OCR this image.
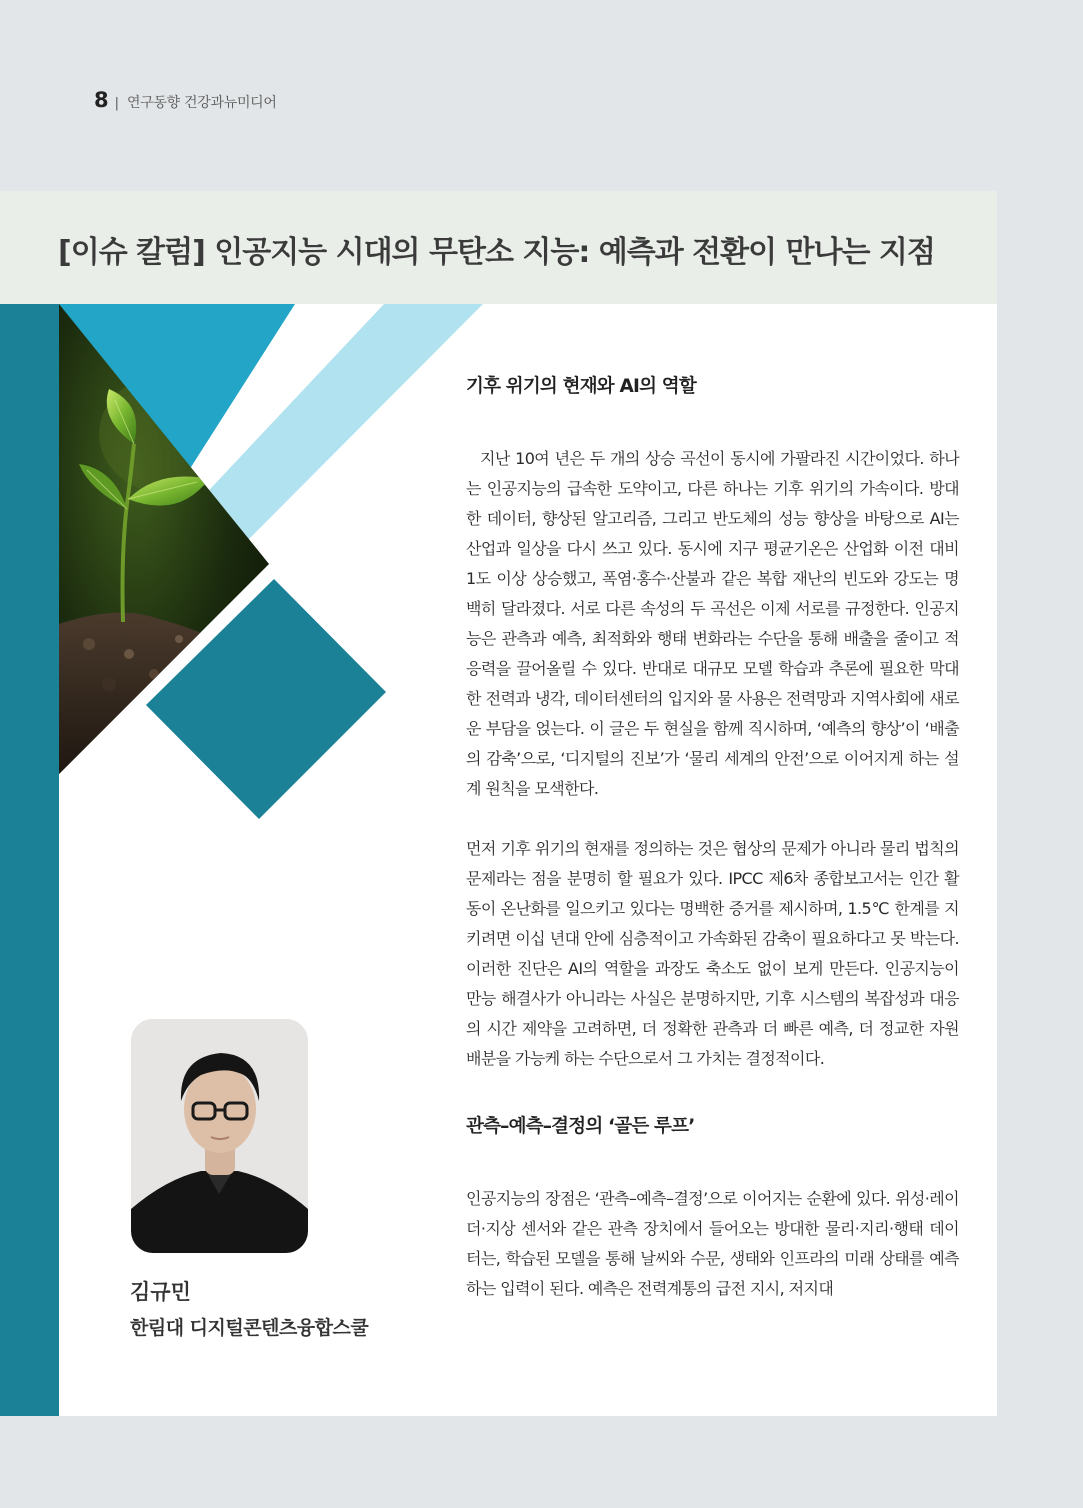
8 | 연구동향 건강과뉴미디어
[이슈 칼럼] 인공지능 시대의 무탄소 지능: 예측과 전환이 만나는 지점
김규민
한림대 디지털콘텐츠융합스쿨
기후 위기의 현재와 AI의 역할

지난 10여 년은 두 개의 상승 곡선이 동시에 가팔라진 시간이었다. 하나는 인공지능의 급속한 도약이고, 다른 하나는 기후 위기의 가속이다. 방대한 데이터, 향상된 알고리즘, 그리고 반도체의 성능 향상을 바탕으로 AI는 산업과 일상을 다시 쓰고 있다. 동시에 지구 평균기온은 산업화 이전 대비 1도 이상 상승했고, 폭염·홍수·산불과 같은 복합 재난의 빈도와 강도는 명백히 달라졌다. 서로 다른 속성의 두 곡선은 이제 서로를 규정한다. 인공지능은 관측과 예측, 최적화와 행태 변화라는 수단을 통해 배출을 줄이고 적응력을 끌어올릴 수 있다. 반대로 대규모 모델 학습과 추론에 필요한 막대한 전력과 냉각, 데이터센터의 입지와 물 사용은 전력망과 지역사회에 새로운 부담을 얹는다. 이 글은 두 현실을 함께 직시하며, ‘예측의 향상’이 ‘배출의 감축’으로, ‘디지털의 진보’가 ‘물리 세계의 안전’으로 이어지게 하는 설계 원칙을 모색한다.

먼저 기후 위기의 현재를 정의하는 것은 협상의 문제가 아니라 물리 법칙의 문제라는 점을 분명히 할 필요가 있다. IPCC 제6차 종합보고서는 인간 활동이 온난화를 일으키고 있다는 명백한 증거를 제시하며, 1.5℃ 한계를 지키려면 이십 년대 안에 심층적이고 가속화된 감축이 필요하다고 못 박는다. 이러한 진단은 AI의 역할을 과장도 축소도 없이 보게 만든다. 인공지능이 만능 해결사가 아니라는 사실은 분명하지만, 기후 시스템의 복잡성과 대응의 시간 제약을 고려하면, 더 정확한 관측과 더 빠른 예측, 더 정교한 자원 배분을 가능케 하는 수단으로서 그 가치는 결정적이다.

관측–예측–결정의 ‘골든 루프’

인공지능의 장점은 ‘관측–예측–결정’으로 이어지는 순환에 있다. 위성·레이더·지상 센서와 같은 관측 장치에서 들어오는 방대한 물리·지리·행태 데이터는, 학습된 모델을 통해 날씨와 수문, 생태와 인프라의 미래 상태를 예측하는 입력이 된다. 예측은 전력계통의 급전 지시, 저지대
